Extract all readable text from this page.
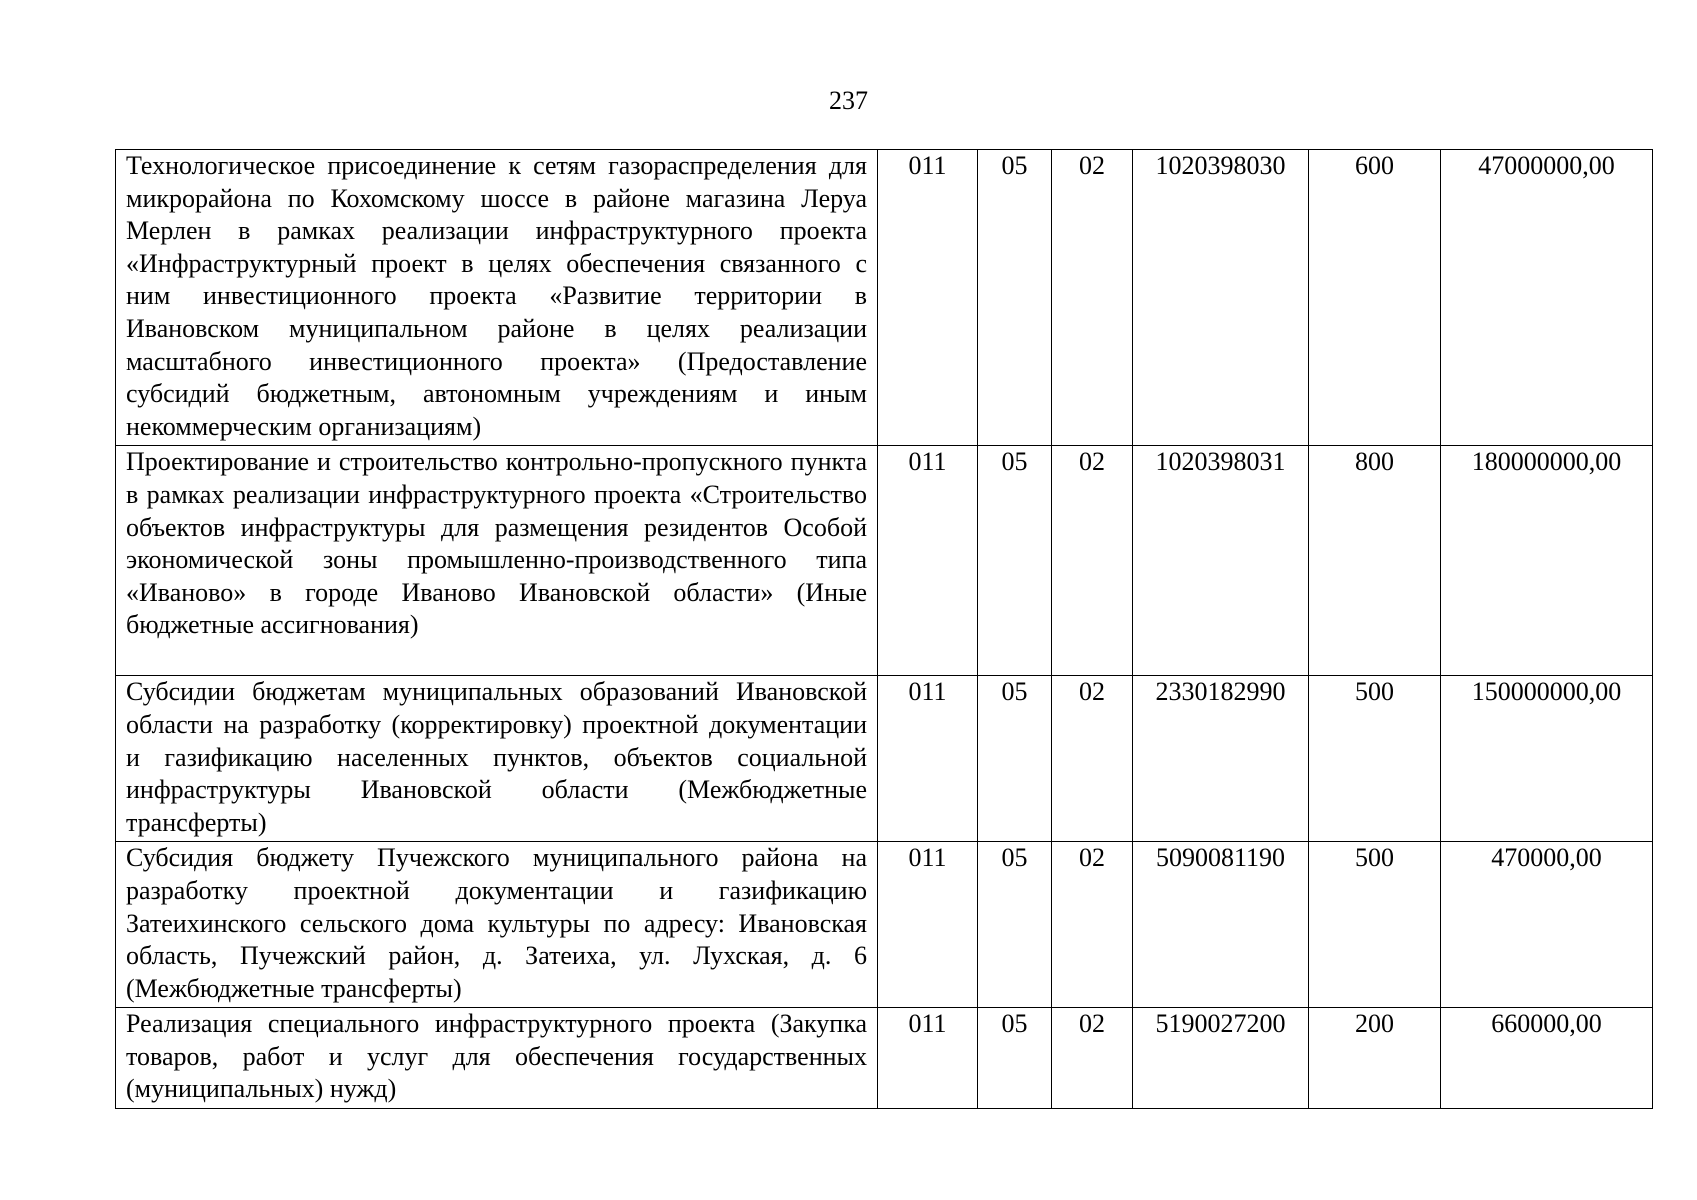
237
Технологическое присоединение к сетям газораспределения для микрорайона по Кохомскому шоссе в районе магазина Леруа Мерлен в рамках реализации инфраструктурного проекта «Инфраструктурный проект в целях обеспечения связанного с ним инвестиционного проекта «Развитие территории в Ивановском муниципальном районе в целях реализации масштабного инвестиционного проекта» (Предоставление субсидий бюджетным, автономным учреждениям и иным некоммерческим организациям)	011	05	02	1020398030	600	47000000,00
Проектирование и строительство контрольно-пропускного пункта в рамках реализации инфраструктурного проекта «Строительство объектов инфраструктуры для размещения резидентов Особой экономической зоны промышленно-производственного типа «Иваново» в городе Иваново Ивановской области» (Иные бюджетные ассигнования)	011	05	02	1020398031	800	180000000,00
Субсидии бюджетам муниципальных образований Ивановской области на разработку (корректировку) проектной документации и газификацию населенных пунктов, объектов социальной инфраструктуры Ивановской области (Межбюджетные трансферты)	011	05	02	2330182990	500	150000000,00
Субсидия бюджету Пучежского муниципального района на разработку проектной документации и газификацию Затеихинского сельского дома культуры по адресу: Ивановская область, Пучежский район, д. Затеиха, ул. Лухская, д. 6 (Межбюджетные трансферты)	011	05	02	5090081190	500	470000,00
Реализация специального инфраструктурного проекта (Закупка товаров, работ и услуг для обеспечения государственных (муниципальных) нужд)	011	05	02	5190027200	200	660000,00
